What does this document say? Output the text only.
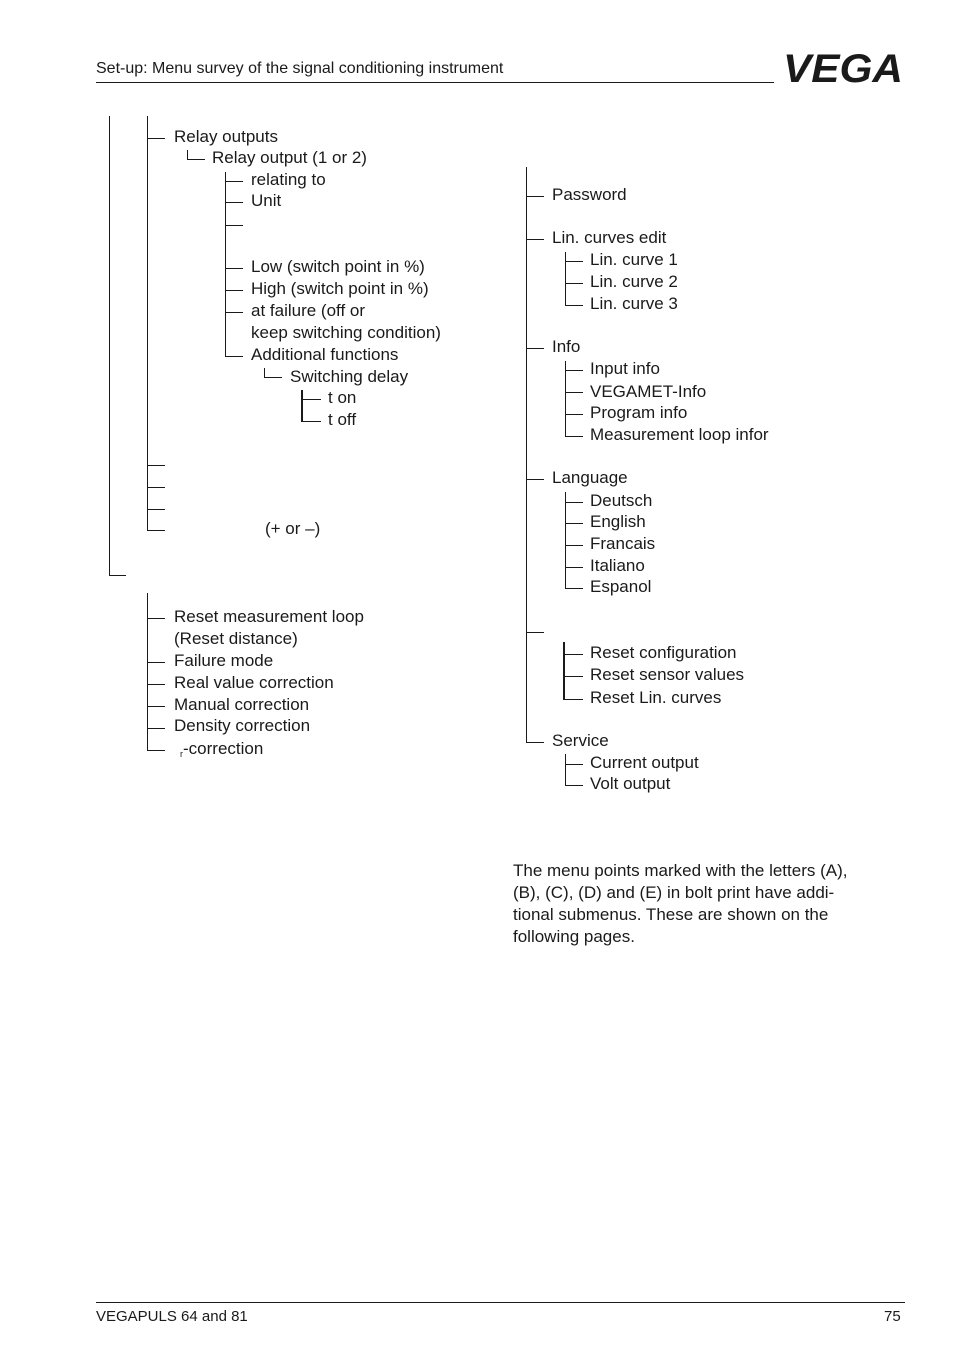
Set-up: Menu survey of the signal conditioning instrument	VEGA
Relay outputs
Relay output (1 or 2)
relating to
Unit
Low (switch point in %)
High (switch point in %)
at failure (off or
keep switching condition)
Additional functions
Switching delay
t on
t off
(+ or –)
Reset measurement loop
(Reset distance)
Failure mode
Real value correction
Manual correction
Density correction
$_r$-correction
Password
Lin. curves edit
Lin. curve 1
Lin. curve 2
Lin. curve 3
Info
Input info
VEGAMET-Info
Program info
Measurement loop infor
Language
Deutsch
English
Francais
Italiano
Espanol
Reset configuration
Reset sensor values
Reset Lin. curves
Service
Current output
Volt output
The menu points marked with the letters (A),
(B), (C), (D) and (E) in bolt print have addi-
tional submenus. These are shown on the
following pages.
VEGAPULS 64 and 81	75
